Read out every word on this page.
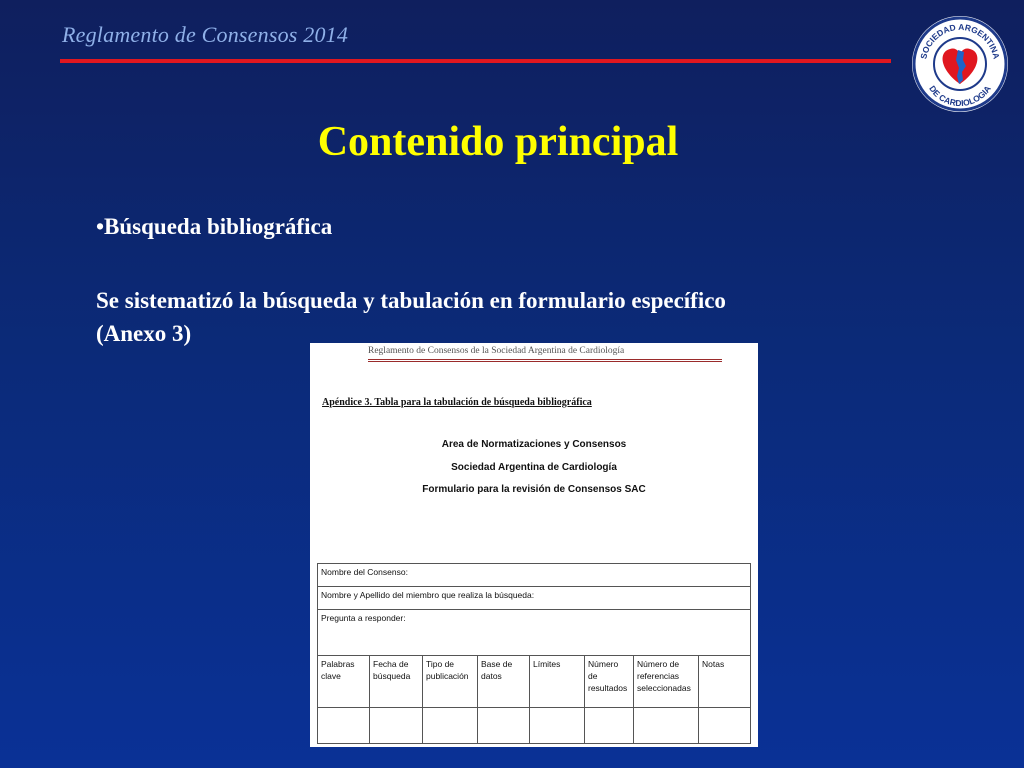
Reglamento de Consensos 2014
SOCIEDAD ARGENTINA
DE CARDIOLOGIA
Contenido principal
•Búsqueda bibliográfica
Se sistematizó la búsqueda y tabulación en formulario específico
(Anexo 3)
Reglamento de Consensos de la Sociedad Argentina de Cardiología
Apéndice 3. Tabla para la tabulación de búsqueda bibliográfica
Area de Normatizaciones y Consensos
Sociedad Argentina de Cardiología
Formulario para la revisión de Consensos SAC
Nombre del Consenso:							
Nombre y Apellido del miembro que realiza la búsqueda:							
Pregunta a responder:							
Palabras clave	Fecha de búsqueda	Tipo de publicación	Base de datos	Límites	Número de resultados	Número de referencias seleccionadas	Notas
